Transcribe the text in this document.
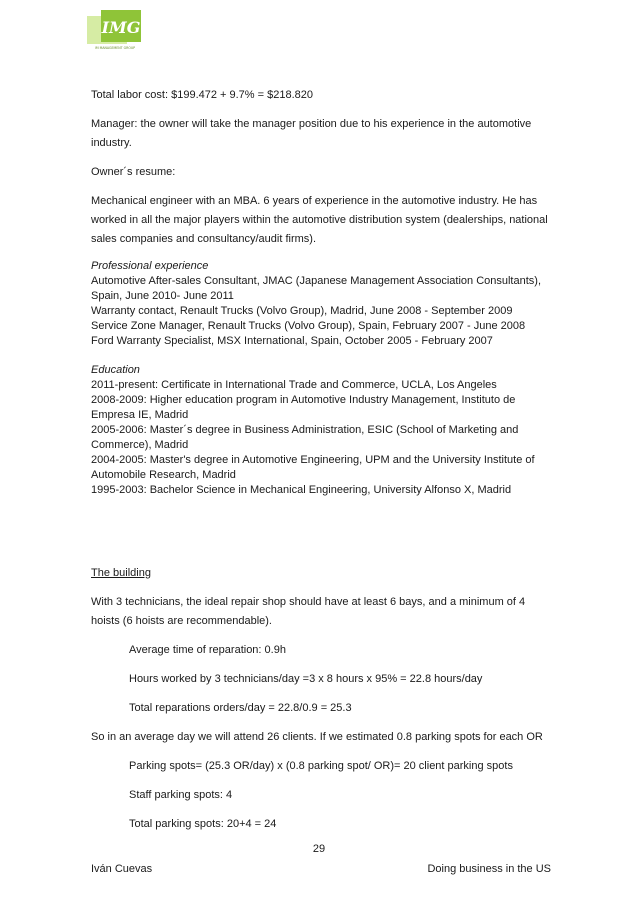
IMG
IM MANAGEMENT GROUP
Total labor cost: $199.472 + 9.7% = $218.820
Manager: the owner will take the manager position due to his experience in the automotive industry.
Owner´s resume:
Mechanical engineer with an MBA. 6 years of experience in the automotive industry. He has worked in all the major players within the automotive distribution system (dealerships, national sales companies and consultancy/audit firms).
Professional experience
Automotive After-sales Consultant, JMAC (Japanese Management Association Consultants), Spain, June 2010- June 2011
Warranty contact, Renault Trucks (Volvo Group), Madrid, June 2008 - September 2009
Service Zone Manager, Renault Trucks (Volvo Group), Spain, February 2007 - June 2008
Ford Warranty Specialist, MSX International, Spain, October 2005 - February 2007
Education
2011-present: Certificate in International Trade and Commerce, UCLA, Los Angeles
2008-2009: Higher education program in Automotive Industry Management, Instituto de Empresa IE, Madrid
2005-2006: Master´s degree in Business Administration, ESIC (School of Marketing and Commerce), Madrid
2004-2005: Master's degree in Automotive Engineering, UPM and the University Institute of Automobile Research, Madrid
1995-2003: Bachelor Science in Mechanical Engineering, University Alfonso X, Madrid
The building
With 3 technicians, the ideal repair shop should have at least 6 bays, and a minimum of 4 hoists (6 hoists are recommendable).
Average time of reparation: 0.9h
Hours worked by 3 technicians/day =3 x 8 hours x 95% = 22.8 hours/day
Total reparations orders/day = 22.8/0.9 = 25.3
So in an average day we will attend 26 clients. If we estimated 0.8 parking spots for each OR
Parking spots= (25.3 OR/day) x (0.8 parking spot/ OR)= 20 client parking spots
Staff parking spots: 4
Total parking spots: 20+4 = 24
29
Iván Cuevas	Doing business in the US
